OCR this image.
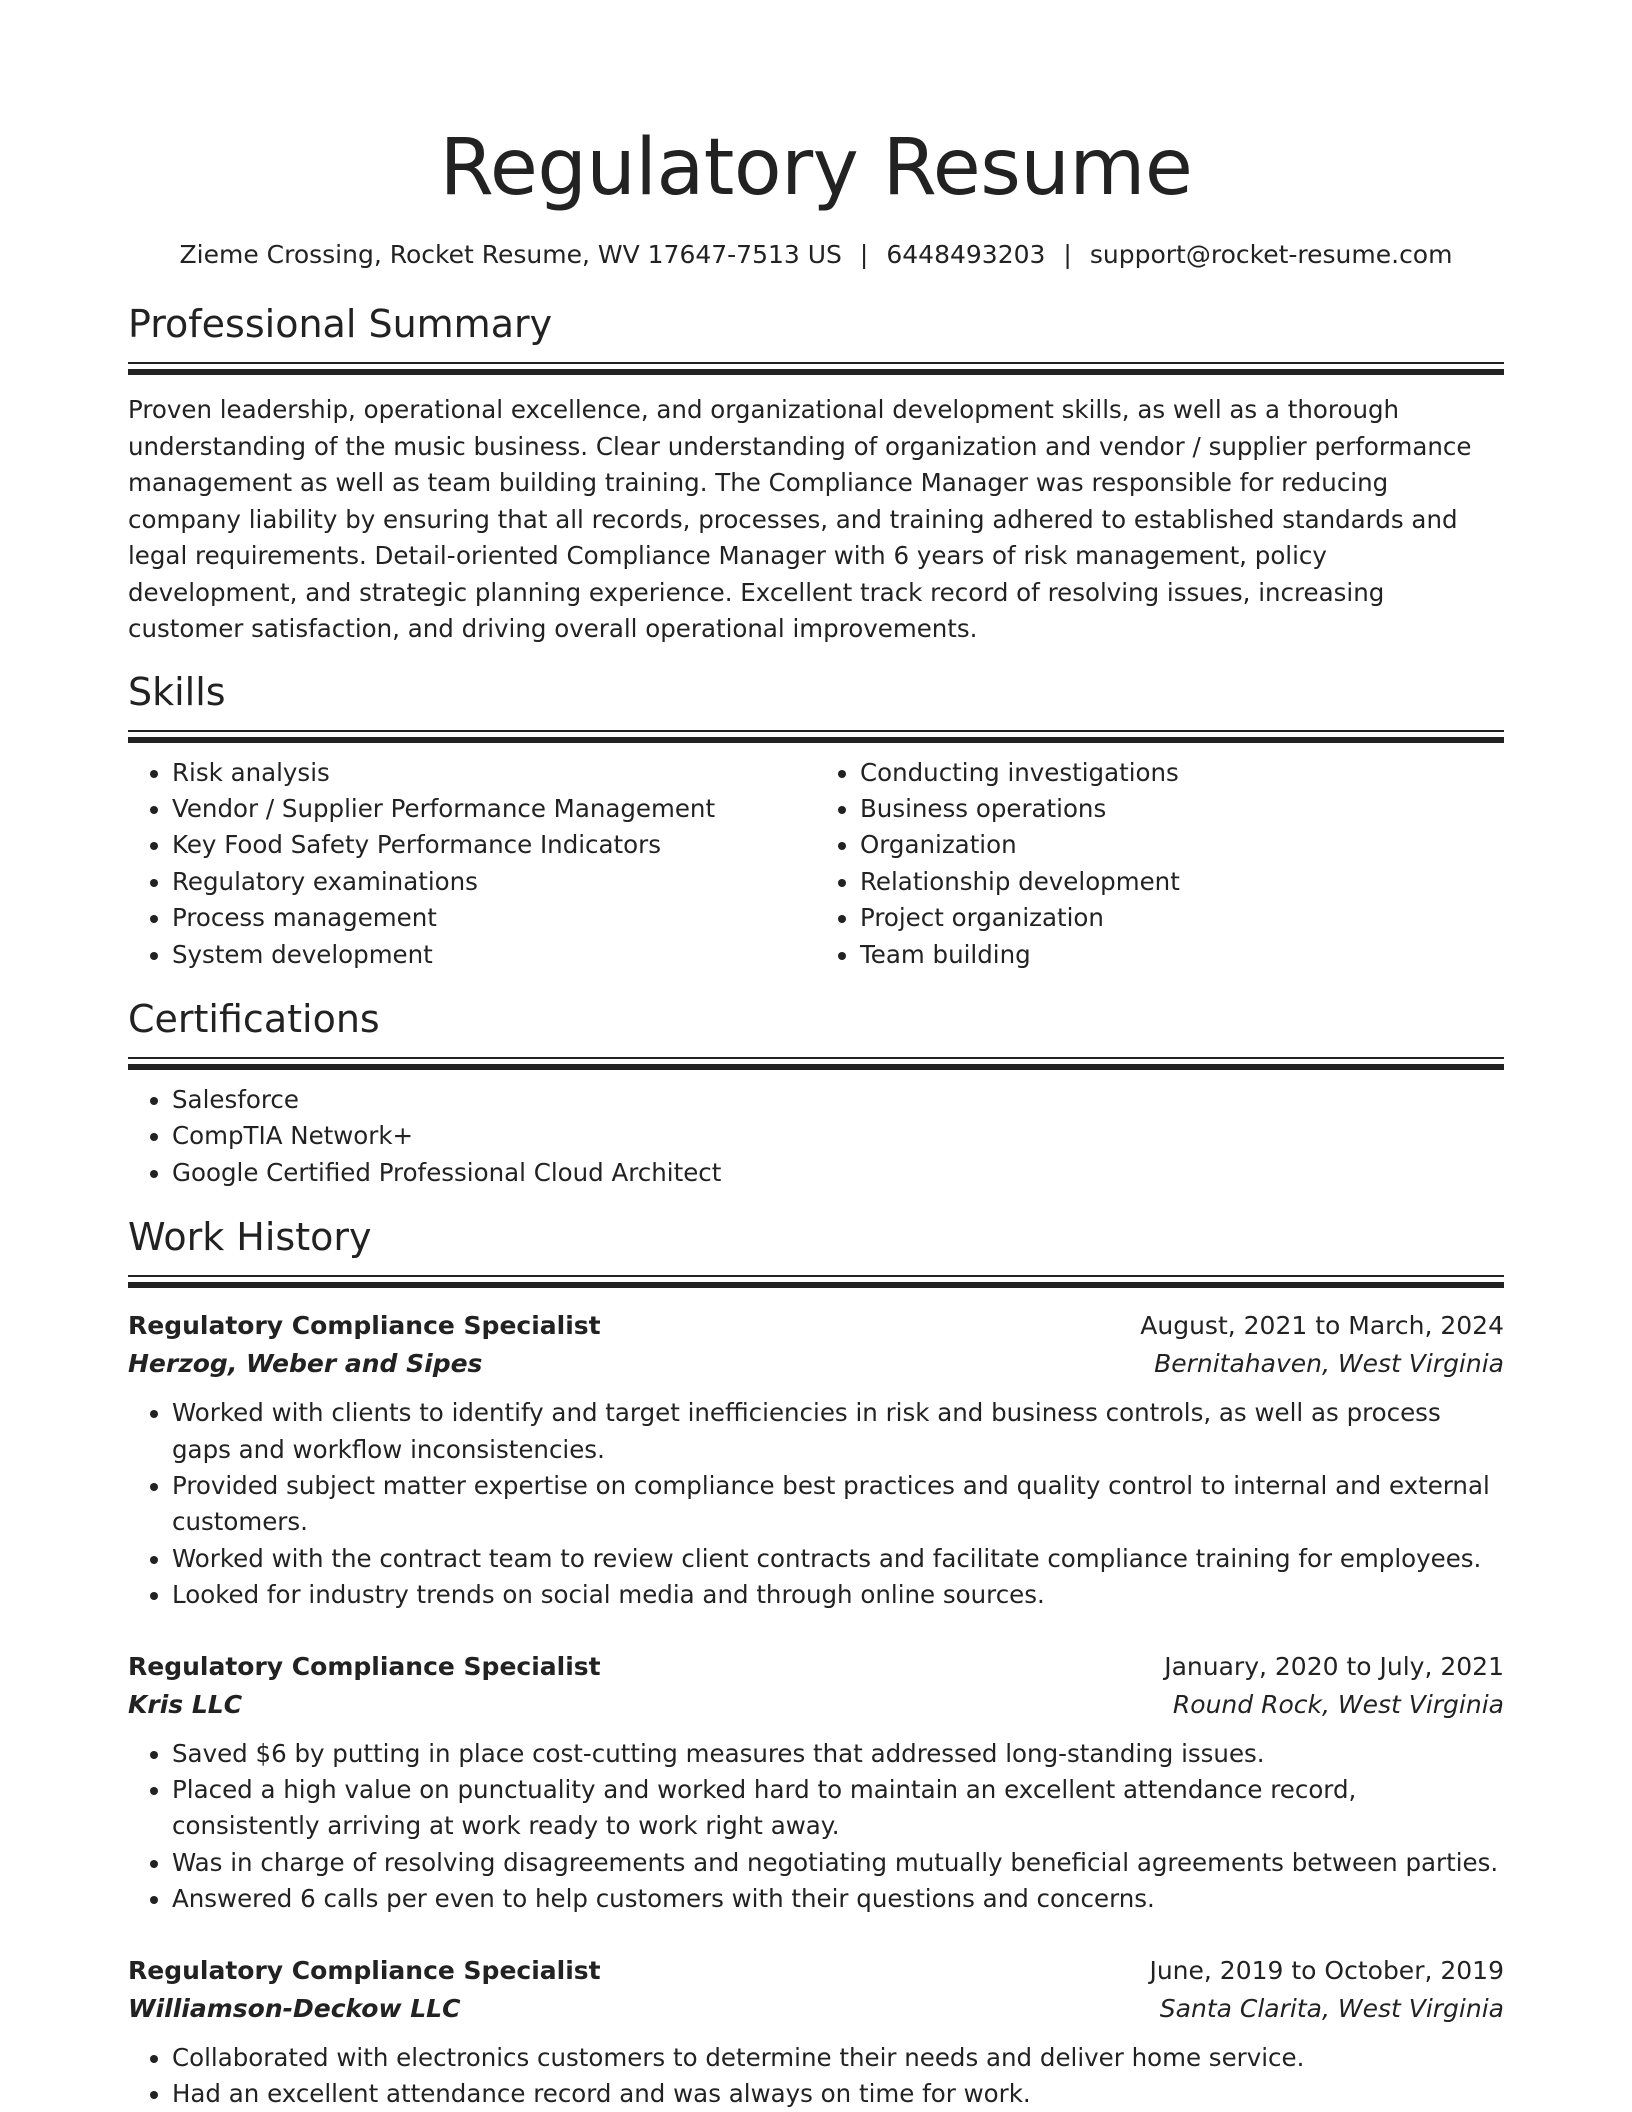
Regulatory Resume
Zieme Crossing, Rocket Resume, WV 17647-7513 US | 6448493203 | support@rocket-resume.com
Professional Summary

Proven leadership, operational excellence, and organizational development skills, as well as a thorough understanding of the music business. Clear understanding of organization and vendor / supplier performance management as well as team building training. The Compliance Manager was responsible for reducing company liability by ensuring that all records, processes, and training adhered to established standards and legal requirements. Detail-oriented Compliance Manager with 6 years of risk management, policy development, and strategic planning experience. Excellent track record of resolving issues, increasing customer satisfaction, and driving overall operational improvements.

Skills
• Risk analysis
• Vendor / Supplier Performance Management
• Key Food Safety Performance Indicators
• Regulatory examinations
• Process management
• System development
• Conducting investigations
• Business operations
• Organization
• Relationship development
• Project organization
• Team building
Certifications
• Salesforce
• CompTIA Network+
• Google Certified Professional Cloud Architect
Work History
Regulatory Compliance Specialist	August, 2021 to March, 2024
Herzog, Weber and Sipes	Bernitahaven, West Virginia
• Worked with clients to identify and target inefficiencies in risk and business controls, as well as process gaps and workflow inconsistencies.
• Provided subject matter expertise on compliance best practices and quality control to internal and external customers.
• Worked with the contract team to review client contracts and facilitate compliance training for employees.
• Looked for industry trends on social media and through online sources.
Regulatory Compliance Specialist	January, 2020 to July, 2021
Kris LLC	Round Rock, West Virginia
• Saved $6 by putting in place cost-cutting measures that addressed long-standing issues.
• Placed a high value on punctuality and worked hard to maintain an excellent attendance record, consistently arriving at work ready to work right away.
• Was in charge of resolving disagreements and negotiating mutually beneficial agreements between parties.
• Answered 6 calls per even to help customers with their questions and concerns.
Regulatory Compliance Specialist	June, 2019 to October, 2019
Williamson-Deckow LLC	Santa Clarita, West Virginia
• Collaborated with electronics customers to determine their needs and deliver home service.
• Had an excellent attendance record and was always on time for work.
